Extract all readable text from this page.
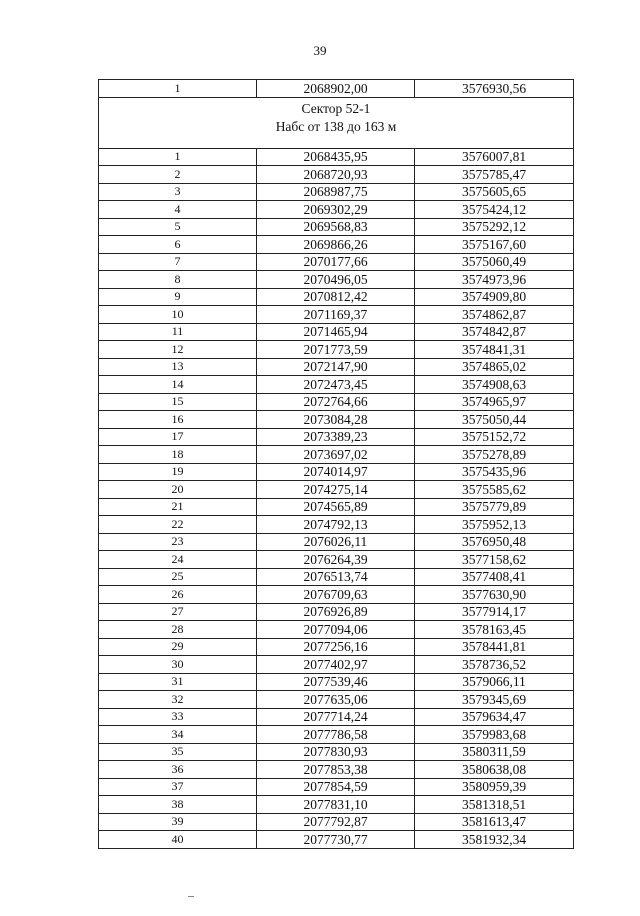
39
1	2068902,00	3576930,56

Сектор 52-1
Набс от 138 до 163 м		

1	2068435,95	3576007,81
2	2068720,93	3575785,47
3	2068987,75	3575605,65
4	2069302,29	3575424,12
5	2069568,83	3575292,12
6	2069866,26	3575167,60
7	2070177,66	3575060,49
8	2070496,05	3574973,96
9	2070812,42	3574909,80
10	2071169,37	3574862,87
11	2071465,94	3574842,87
12	2071773,59	3574841,31
13	2072147,90	3574865,02
14	2072473,45	3574908,63
15	2072764,66	3574965,97
16	2073084,28	3575050,44
17	2073389,23	3575152,72
18	2073697,02	3575278,89
19	2074014,97	3575435,96
20	2074275,14	3575585,62
21	2074565,89	3575779,89
22	2074792,13	3575952,13
23	2076026,11	3576950,48
24	2076264,39	3577158,62
25	2076513,74	3577408,41
26	2076709,63	3577630,90
27	2076926,89	3577914,17
28	2077094,06	3578163,45
29	2077256,16	3578441,81
30	2077402,97	3578736,52
31	2077539,46	3579066,11
32	2077635,06	3579345,69
33	2077714,24	3579634,47
34	2077786,58	3579983,68
35	2077830,93	3580311,59
36	2077853,38	3580638,08
37	2077854,59	3580959,39
38	2077831,10	3581318,51
39	2077792,87	3581613,47
40	2077730,77	3581932,34
